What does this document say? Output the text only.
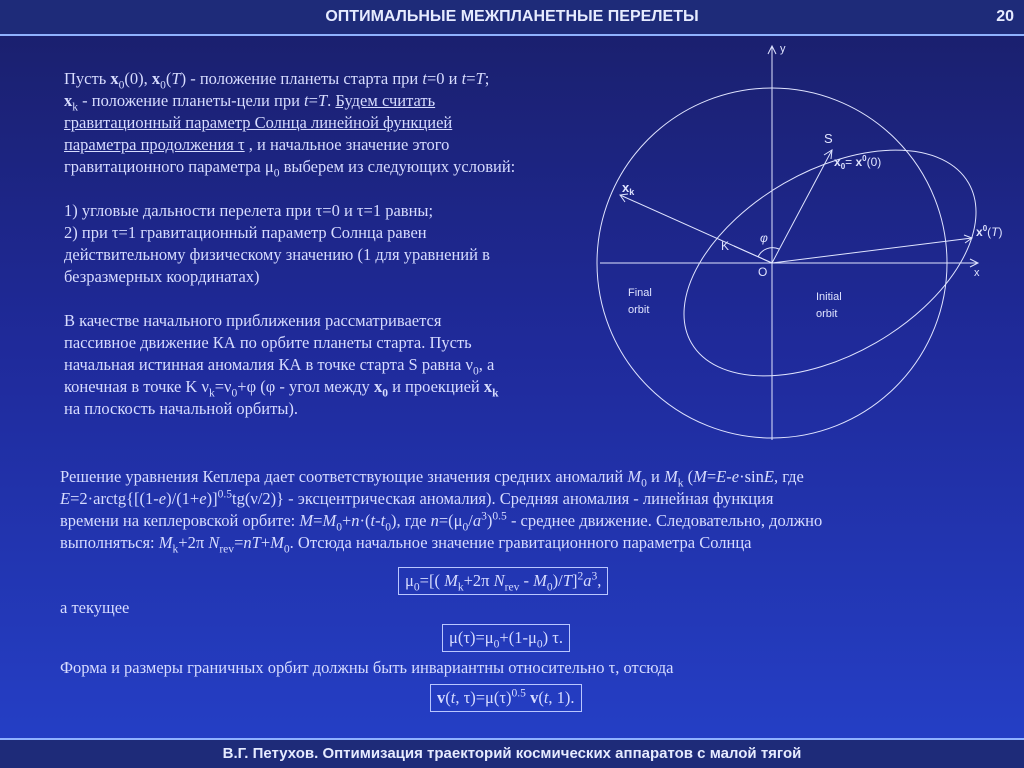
ОПТИМАЛЬНЫЕ МЕЖПЛАНЕТНЫЕ ПЕРЕЛЕТЫ	20
Пусть $x_0(0)$, $x_0(T)$ - положение планеты старта при t=0 и t=T;
$x_k$ - положение планеты-цели при t=T. Будем считать
гравитационный параметр Солнца линейной функцией
параметра продолжения τ , и начальное значение этого
гравитационного параметра $\mu_0$ выберем из следующих условий:
1) угловые дальности перелета при τ=0 и τ=1 равны;
2) при τ=1 гравитационный параметр Солнца равен
действительному физическому значению (1 для уравнений в
безразмерных координатах)
В качестве начального приближения рассматривается
пассивное движение КА по орбите планеты старта. Пусть
начальная истинная аномалия КА в точке старта S равна $\nu_0$, а
конечная в точке K $\nu_k=\nu_0+\varphi$ (φ - угол между $x_0$ и проекцией $x_k$
на плоскость начальной орбиты).
y
x
O
S
K
φ
$x_0= x^0(0)$
$x^0(T)$
$x_k$
Final
orbit
Initial
orbit
Решение уравнения Кеплера дает соответствующие значения средних аномалий $M_0$ и $M_k$ (M=E-e·sinE, где
$E=2\cdot arctg\{[(1-e)/(1+e)]^{0.5}tg(\nu/2)\}$ - эксцентрическая аномалия). Средняя аномалия - линейная функция
времени на кеплеровской орбите: $M=M_0+n\cdot(t-t_0)$, где $n=(\mu_0/a^3)^{0.5}$ - среднее движение. Следовательно, должно
выполняться: $M_k+2\pi$ $N_{rev}=nT+M_0$. Отсюда начальное значение гравитационного параметра Солнца
$\mu_0=$[( $M_k+2\pi$ $N_{rev} - M_0)/T]^2a^3$,
а текущее
$\mu(\tau)=\mu_0+(1-\mu_0)$ τ.
Форма и размеры граничных орбит должны быть инвариантны относительно τ, отсюда
v(t, $\tau)=\mu(\tau)^{0.5}$ v(t, 1).
В.Г. Петухов. Оптимизация траекторий космических аппаратов с малой тягой
